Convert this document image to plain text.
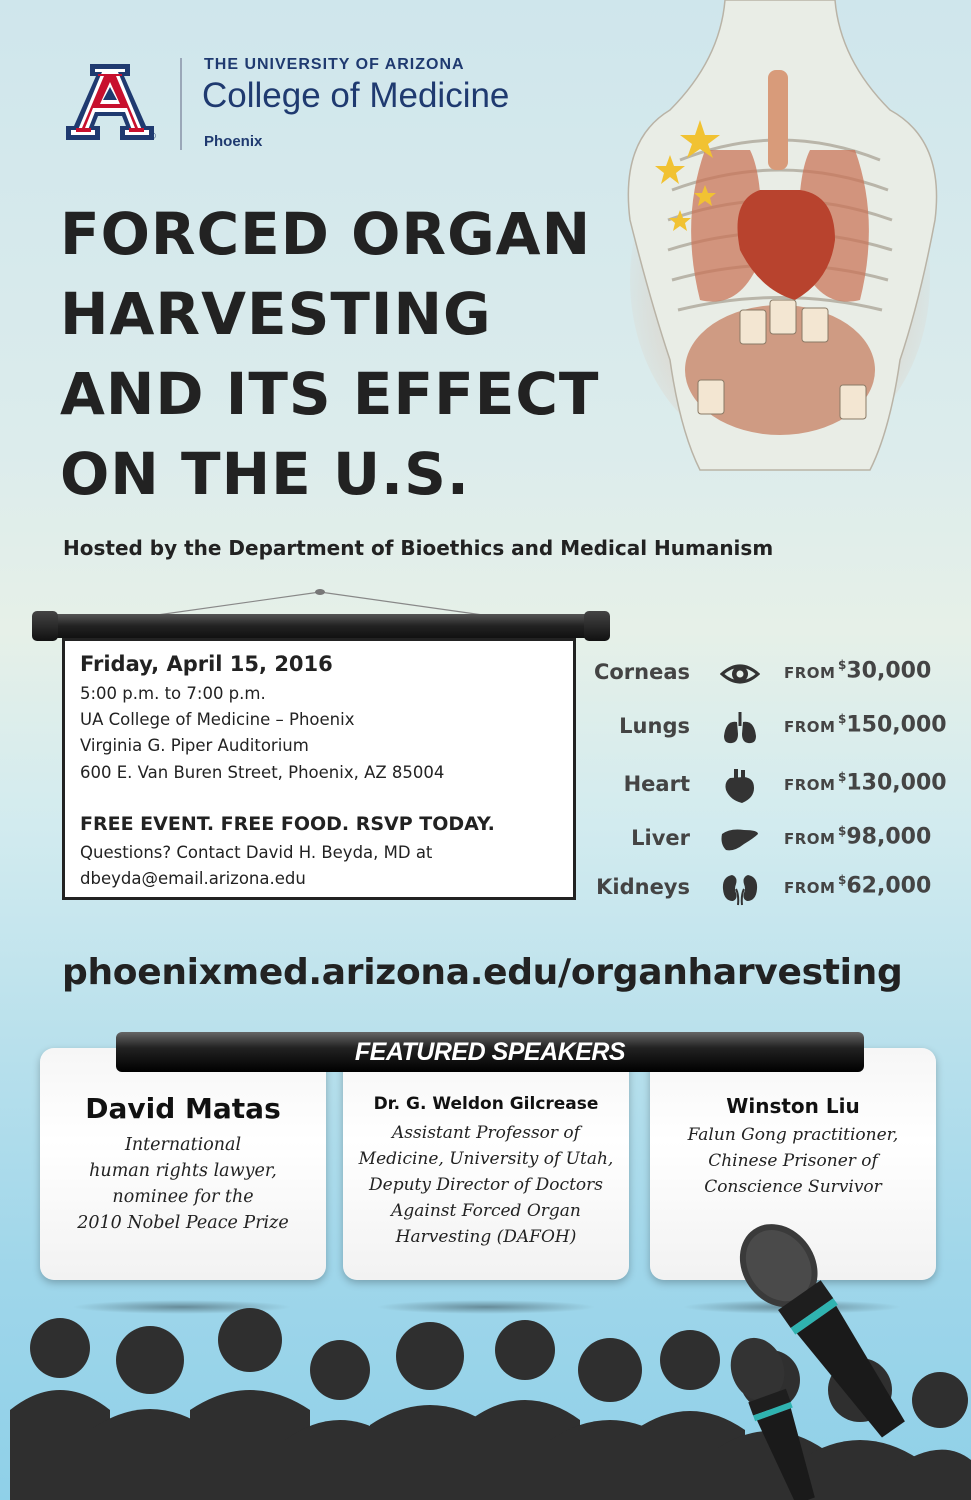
®
THE UNIVERSITY OF ARIZONA
College of Medicine
Phoenix
FORCED ORGAN
HARVESTING
AND ITS EFFECT
ON THE U.S.
Hosted by the Department of Bioethics and Medical Humanism
Friday, April 15, 2016
5:00 p.m. to 7:00 p.m.
UA College of Medicine – Phoenix
Virginia G. Piper Auditorium
600 E. Van Buren Street, Phoenix, AZ 85004
FREE EVENT. FREE FOOD. RSVP TODAY.
Questions? Contact David H. Beyda, MD at
dbeyda@email.arizona.edu
Corneas	FROM $30,000
Lungs	FROM $150,000
Heart	FROM $130,000
Liver	FROM $98,000
Kidneys	FROM $62,000
phoenixmed.arizona.edu/organharvesting
David Matas
International
human rights lawyer,
nominee for the
2010 Nobel Peace Prize
Dr. G. Weldon Gilcrease
Assistant Professor of
Medicine, University of Utah,
Deputy Director of Doctors
Against Forced Organ
Harvesting (DAFOH)
Winston Liu
Falun Gong practitioner,
Chinese Prisoner of
Conscience Survivor
FEATURED SPEAKERS
